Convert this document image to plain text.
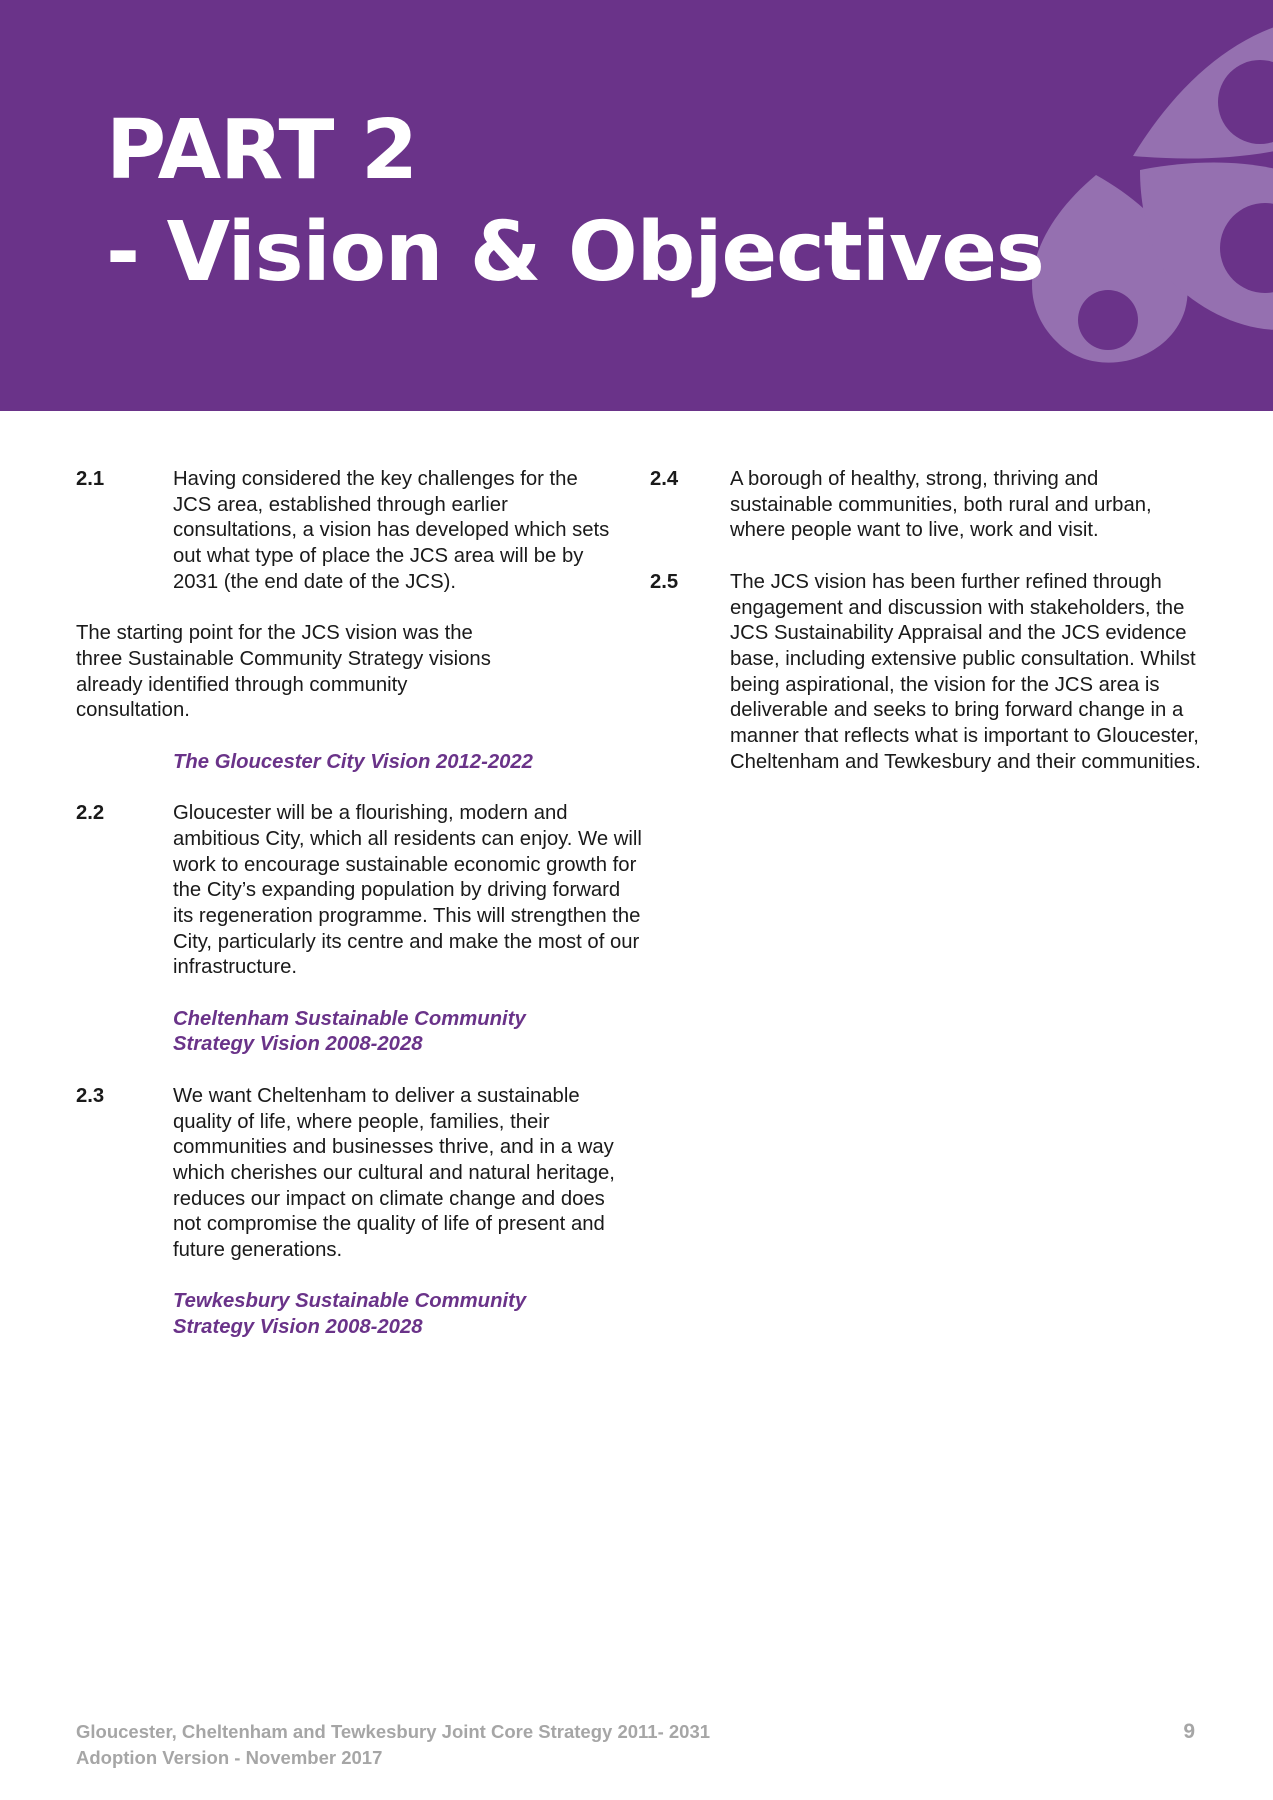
PART 2
- Vision & Objectives
2.1	Having considered the key challenges for the JCS area, established through earlier consultations, a vision has developed which sets out what type of place the JCS area will be by 2031 (the end date of the JCS).

The starting point for the JCS vision was the three Sustainable Community Strategy visions already identified through community consultation.

The Gloucester City Vision 2012-2022

2.2	Gloucester will be a flourishing, modern and ambitious City, which all residents can enjoy. We will work to encourage sustainable economic growth for the City’s expanding population by driving forward its regeneration programme. This will strengthen the City, particularly its centre and make the most of our infrastructure.

Cheltenham Sustainable Community Strategy Vision 2008-2028

2.3	We want Cheltenham to deliver a sustainable quality of life, where people, families, their communities and businesses thrive, and in a way which cherishes our cultural and natural heritage, reduces our impact on climate change and does not compromise the quality of life of present and future generations.

Tewkesbury Sustainable Community Strategy Vision 2008-2028

2.4	A borough of healthy, strong, thriving and sustainable communities, both rural and urban, where people want to live, work and visit.

2.5	The JCS vision has been further refined through engagement and discussion with stakeholders, the JCS Sustainability Appraisal and the JCS evidence base, including extensive public consultation. Whilst being aspirational, the vision for the JCS area is deliverable and seeks to bring forward change in a manner that reflects what is important to Gloucester, Cheltenham and Tewkesbury and their communities.

Gloucester, Cheltenham and Tewkesbury Joint Core Strategy 2011- 2031
Adoption Version - November 2017
9
